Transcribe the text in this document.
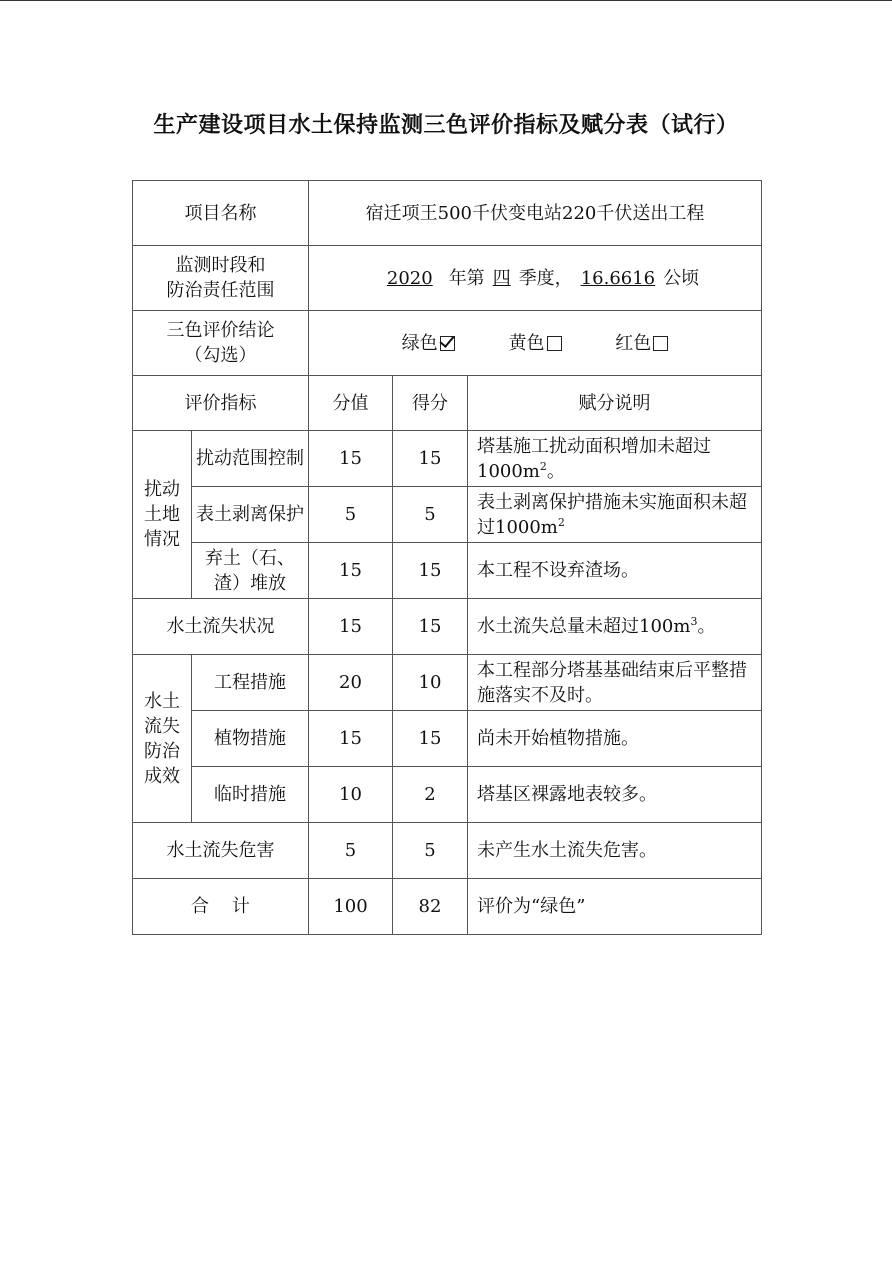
生产建设项目水土保持监测三色评价指标及赋分表（试行）
项目名称		宿迁项王500千伏变电站220千伏送出工程		

监测时段和
防治责任范围		2020 年第 四 季度， 16.6616 公顷		

三色评价结论
（勾选）		绿色 黄色 红色		
评价指标		分值	得分	赋分说明
扰动土地情况	扰动范围控制	15	15	塔基施工扰动面积增加未超过$1000m^2$。
	表土剥离保护	5	5	表土剥离保护措施未实施面积未超过$1000m^2$
	弃土（石、渣）堆放	15	15	本工程不设弃渣场。
水土流失状况		15	15	水土流失总量未超过$100m^3$。
水土流失防治成效	工程措施	20	10	本工程部分塔基基础结束后平整措施落实不及时。
	植物措施	15	15	尚未开始植物措施。
	临时措施	10	2	塔基区裸露地表较多。
水土流失危害		5	5	未产生水土流失危害。
合    计		100	82	评价为“绿色”
